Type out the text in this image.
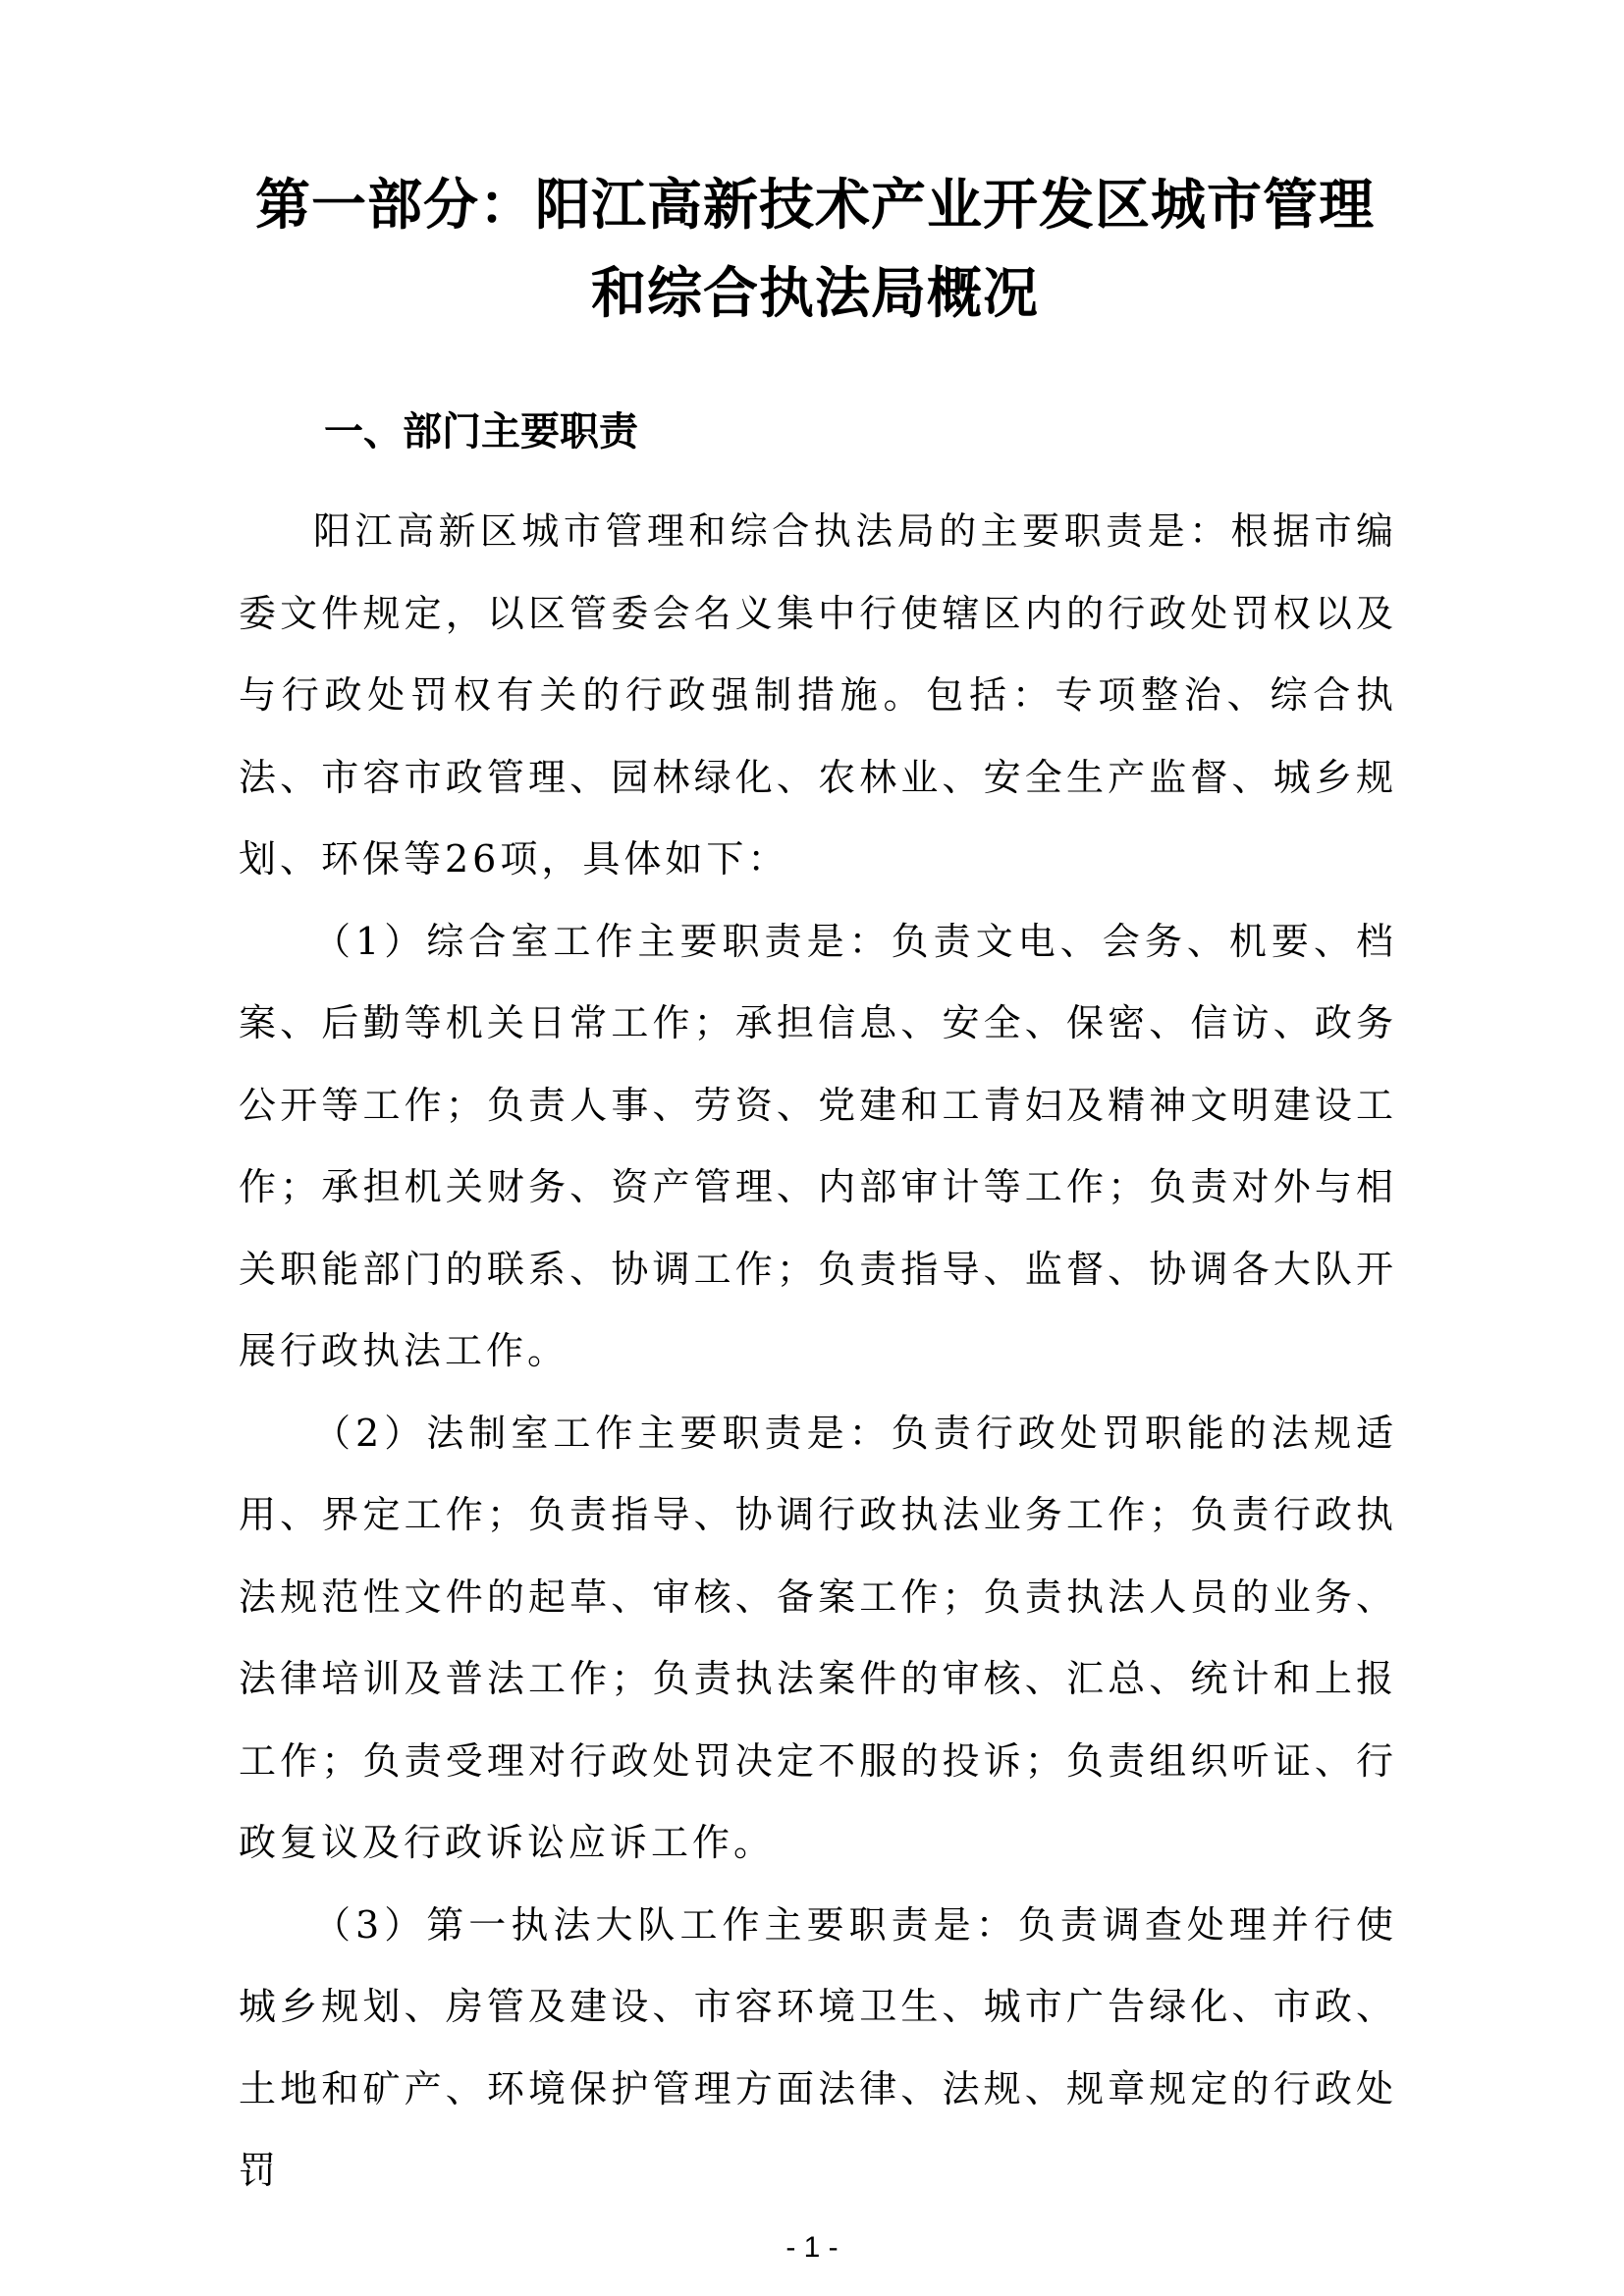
第一部分：阳江高新技术产业开发区城市管理和综合执法局概况
一、部门主要职责

阳江高新区城市管理和综合执法局的主要职责是：根据市编委文件规定，以区管委会名义集中行使辖区内的行政处罚权以及与行政处罚权有关的行政强制措施。包括：专项整治、综合执法、市容市政管理、园林绿化、农林业、安全生产监督、城乡规划、环保等26项，具体如下：

（1）综合室工作主要职责是：负责文电、会务、机要、档案、后勤等机关日常工作；承担信息、安全、保密、信访、政务公开等工作；负责人事、劳资、党建和工青妇及精神文明建设工作；承担机关财务、资产管理、内部审计等工作；负责对外与相关职能部门的联系、协调工作；负责指导、监督、协调各大队开展行政执法工作。

（2）法制室工作主要职责是：负责行政处罚职能的法规适用、界定工作；负责指导、协调行政执法业务工作；负责行政执法规范性文件的起草、审核、备案工作；负责执法人员的业务、法律培训及普法工作；负责执法案件的审核、汇总、统计和上报工作；负责受理对行政处罚决定不服的投诉；负责组织听证、行政复议及行政诉讼应诉工作。

（3）第一执法大队工作主要职责是：负责调查处理并行使城乡规划、房管及建设、市容环境卫生、城市广告绿化、市政、土地和矿产、环境保护管理方面法律、法规、规章规定的行政处罚

- 1 -
